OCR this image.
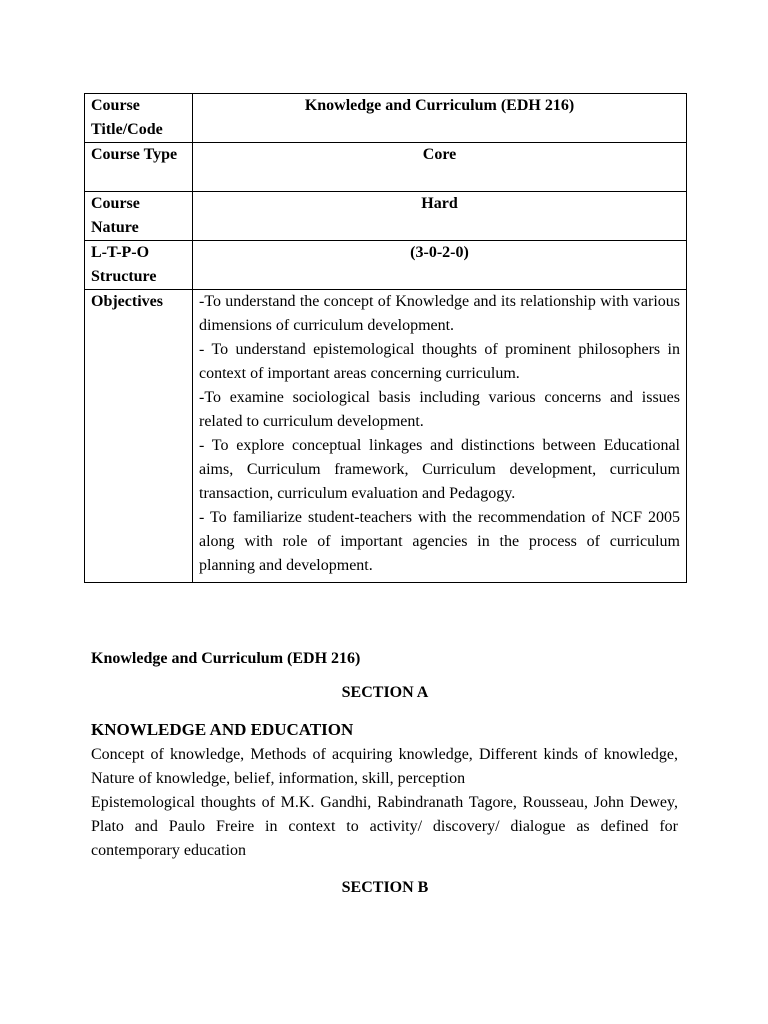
Course Title/Code	Knowledge and Curriculum (EDH 216)
Course Type	Core
Course Nature	Hard
L-T-P-O Structure	(3-0-2-0)
Objectives	-To understand the concept of Knowledge and its relationship with various dimensions of curriculum development.
- To understand epistemological thoughts of prominent philosophers in context of important areas concerning curriculum.
-To examine sociological basis including various concerns and issues related to curriculum development.
- To explore conceptual linkages and distinctions between Educational aims, Curriculum framework, Curriculum development, curriculum transaction, curriculum evaluation and Pedagogy.
- To familiarize student-teachers with the recommendation of NCF 2005 along with role of important agencies in the process of curriculum planning and development.
Knowledge and Curriculum (EDH 216)
SECTION A
KNOWLEDGE AND EDUCATION

Concept of knowledge, Methods of acquiring knowledge, Different kinds of knowledge, Nature of knowledge, belief, information, skill, perception

Epistemological thoughts of M.K. Gandhi, Rabindranath Tagore, Rousseau, John Dewey, Plato and Paulo Freire in context to activity/ discovery/ dialogue as defined for contemporary education

SECTION B
